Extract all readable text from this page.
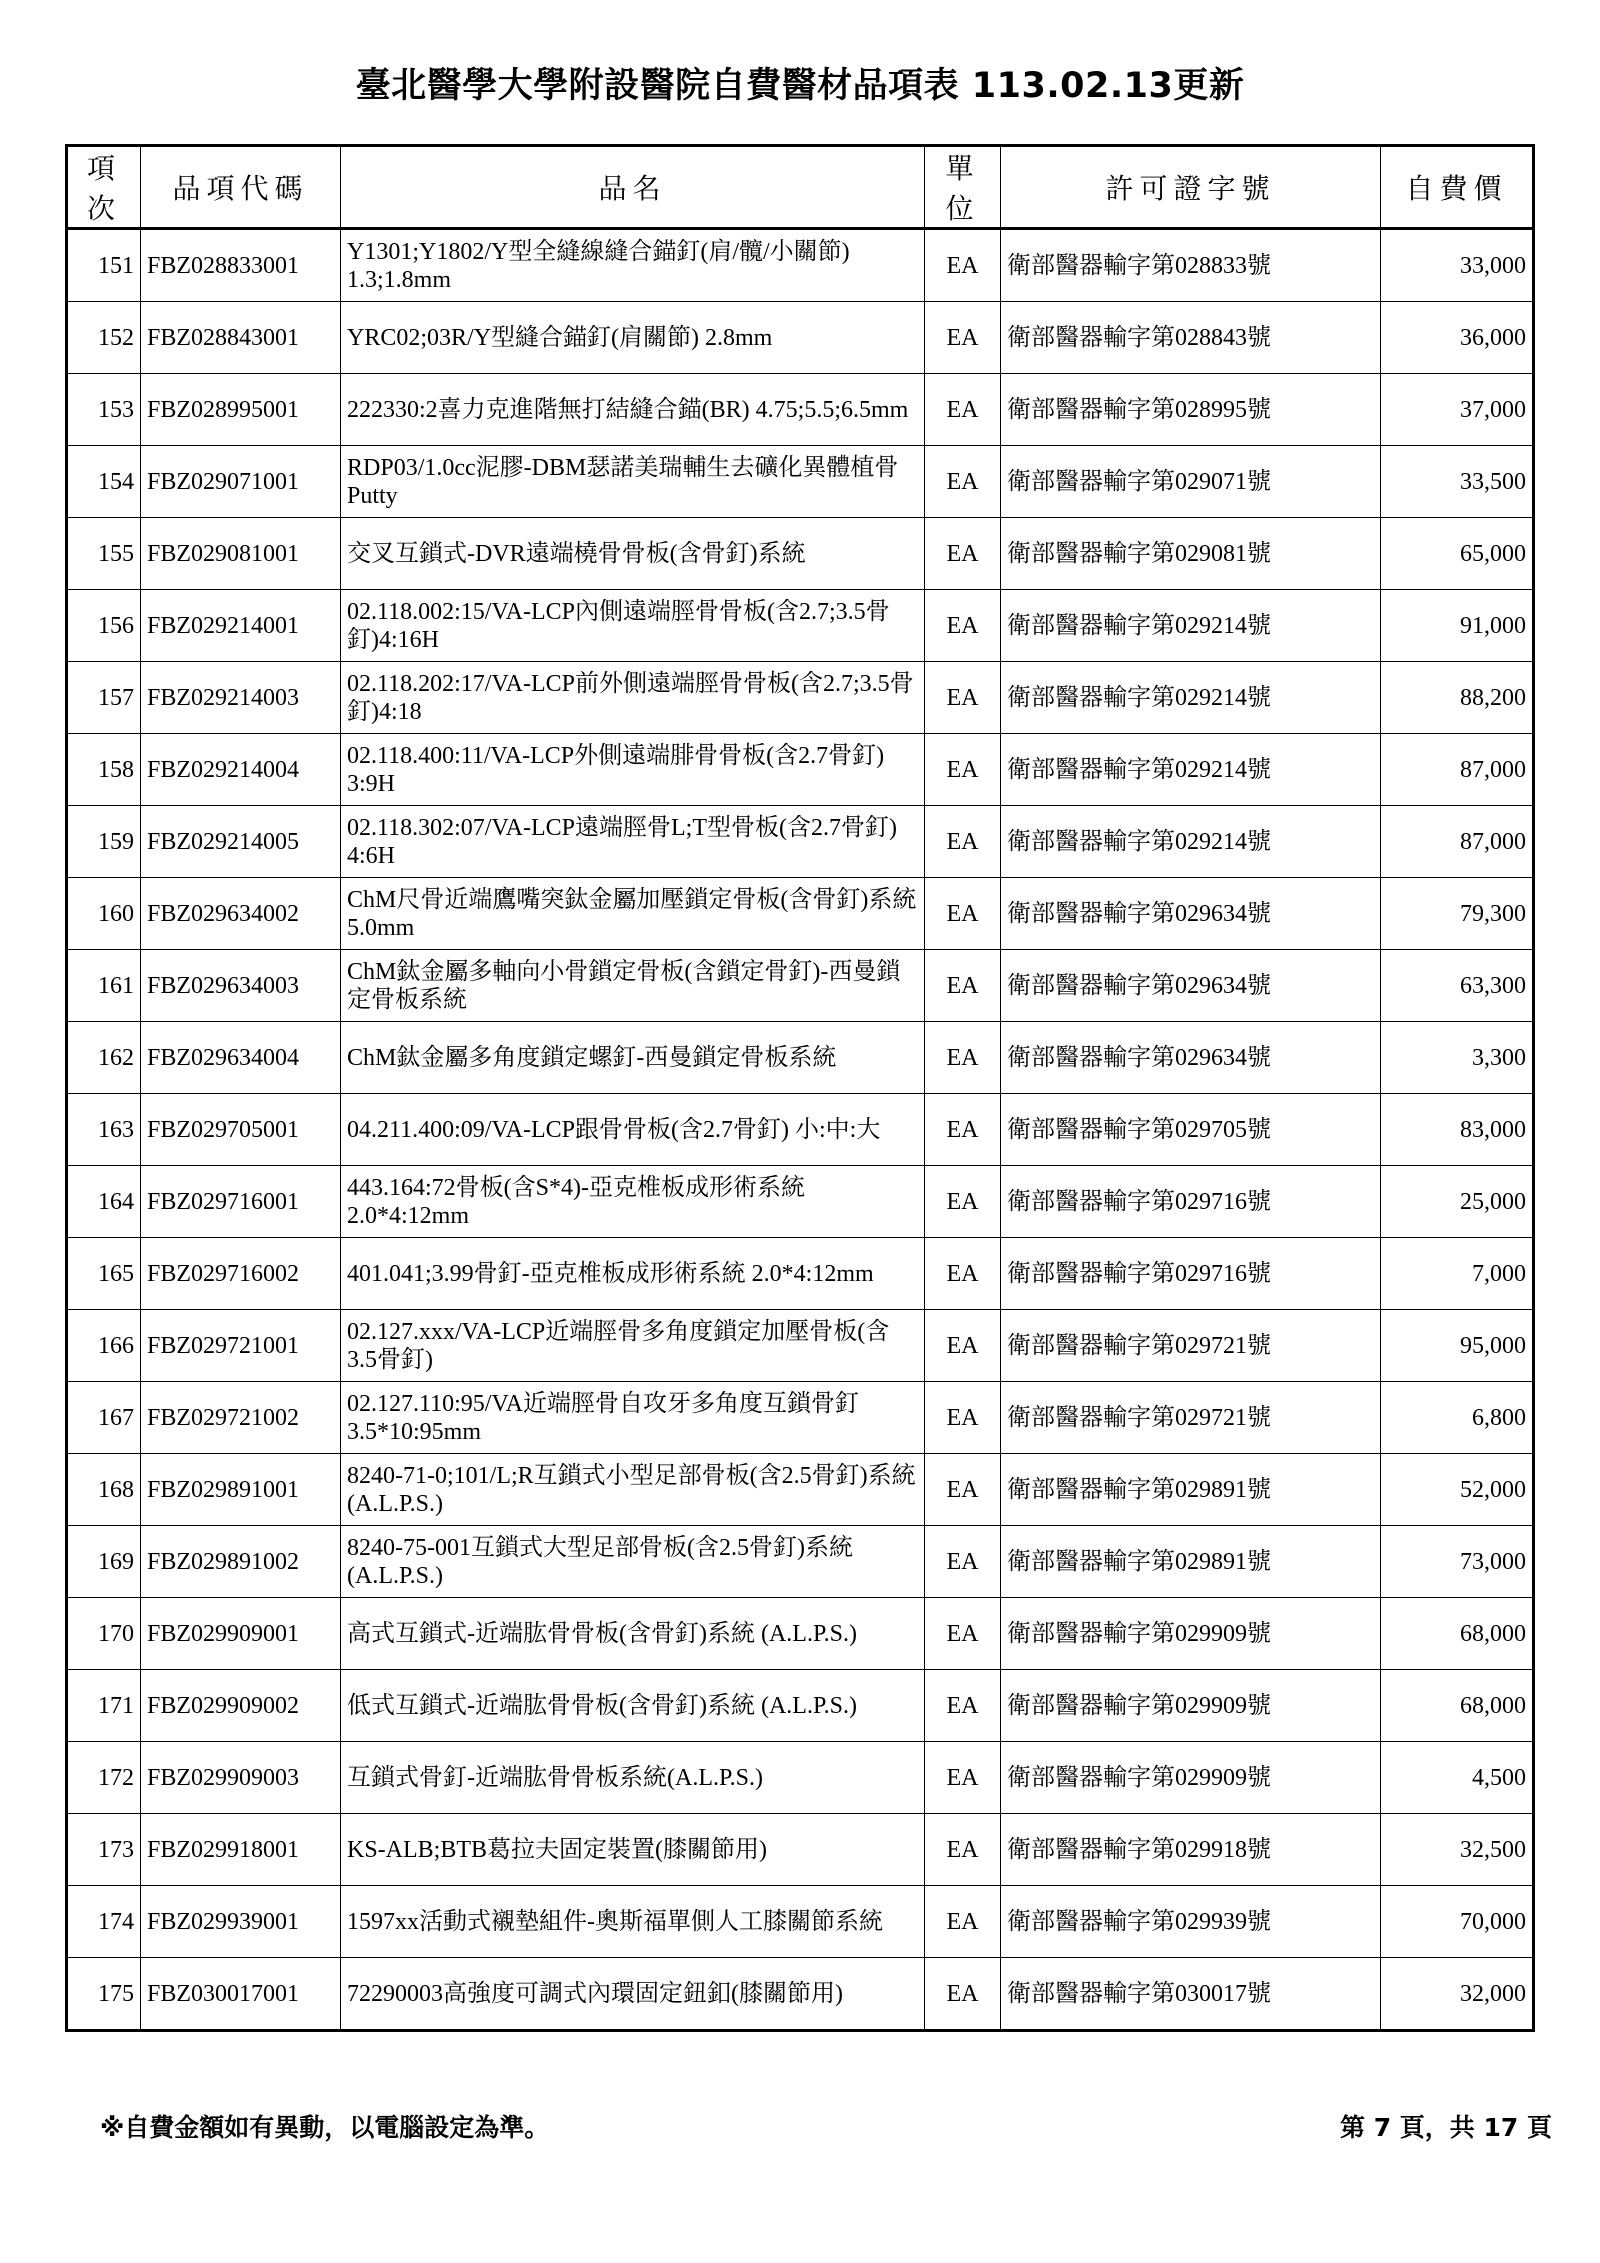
臺北醫學大學附設醫院自費醫材品項表 113.02.13更新
項次	品項代碼	品名	單位	許可證字號	自費價
151	FBZ028833001	Y1301;Y1802/Y型全縫線縫合錨釘(肩/髖/小關節) 1.3;1.8mm	EA	衛部醫器輸字第028833號	33,000
152	FBZ028843001	YRC02;03R/Y型縫合錨釘(肩關節) 2.8mm	EA	衛部醫器輸字第028843號	36,000
153	FBZ028995001	222330:2喜力克進階無打結縫合錨(BR) 4.75;5.5;6.5mm	EA	衛部醫器輸字第028995號	37,000
154	FBZ029071001	RDP03/1.0cc泥膠-DBM瑟諾美瑞輔生去礦化異體植骨 Putty	EA	衛部醫器輸字第029071號	33,500
155	FBZ029081001	交叉互鎖式-DVR遠端橈骨骨板(含骨釘)系統	EA	衛部醫器輸字第029081號	65,000
156	FBZ029214001	02.118.002:15/VA-LCP內側遠端脛骨骨板(含2.7;3.5骨釘)4:16H	EA	衛部醫器輸字第029214號	91,000
157	FBZ029214003	02.118.202:17/VA-LCP前外側遠端脛骨骨板(含2.7;3.5骨釘)4:18	EA	衛部醫器輸字第029214號	88,200
158	FBZ029214004	02.118.400:11/VA-LCP外側遠端腓骨骨板(含2.7骨釘) 3:9H	EA	衛部醫器輸字第029214號	87,000
159	FBZ029214005	02.118.302:07/VA-LCP遠端脛骨L;T型骨板(含2.7骨釘) 4:6H	EA	衛部醫器輸字第029214號	87,000
160	FBZ029634002	ChM尺骨近端鷹嘴突鈦金屬加壓鎖定骨板(含骨釘)系統 5.0mm	EA	衛部醫器輸字第029634號	79,300
161	FBZ029634003	ChM鈦金屬多軸向小骨鎖定骨板(含鎖定骨釘)-西曼鎖定骨板系統	EA	衛部醫器輸字第029634號	63,300
162	FBZ029634004	ChM鈦金屬多角度鎖定螺釘-西曼鎖定骨板系統	EA	衛部醫器輸字第029634號	3,300
163	FBZ029705001	04.211.400:09/VA-LCP跟骨骨板(含2.7骨釘) 小:中:大	EA	衛部醫器輸字第029705號	83,000
164	FBZ029716001	443.164:72骨板(含S*4)-亞克椎板成形術系統 2.0*4:12mm	EA	衛部醫器輸字第029716號	25,000
165	FBZ029716002	401.041;3.99骨釘-亞克椎板成形術系統 2.0*4:12mm	EA	衛部醫器輸字第029716號	7,000
166	FBZ029721001	02.127.xxx/VA-LCP近端脛骨多角度鎖定加壓骨板(含3.5骨釘)	EA	衛部醫器輸字第029721號	95,000
167	FBZ029721002	02.127.110:95/VA近端脛骨自攻牙多角度互鎖骨釘 3.5*10:95mm	EA	衛部醫器輸字第029721號	6,800
168	FBZ029891001	8240-71-0;101/L;R互鎖式小型足部骨板(含2.5骨釘)系統(A.L.P.S.)	EA	衛部醫器輸字第029891號	52,000
169	FBZ029891002	8240-75-001互鎖式大型足部骨板(含2.5骨釘)系統(A.L.P.S.)	EA	衛部醫器輸字第029891號	73,000
170	FBZ029909001	高式互鎖式-近端肱骨骨板(含骨釘)系統 (A.L.P.S.)	EA	衛部醫器輸字第029909號	68,000
171	FBZ029909002	低式互鎖式-近端肱骨骨板(含骨釘)系統 (A.L.P.S.)	EA	衛部醫器輸字第029909號	68,000
172	FBZ029909003	互鎖式骨釘-近端肱骨骨板系統(A.L.P.S.)	EA	衛部醫器輸字第029909號	4,500
173	FBZ029918001	KS-ALB;BTB葛拉夫固定裝置(膝關節用)	EA	衛部醫器輸字第029918號	32,500
174	FBZ029939001	1597xx活動式襯墊組件-奧斯福單側人工膝關節系統	EA	衛部醫器輸字第029939號	70,000
175	FBZ030017001	72290003高強度可調式內環固定鈕釦(膝關節用)	EA	衛部醫器輸字第030017號	32,000
※自費金額如有異動，以電腦設定為準。	第 7 頁，共 17 頁
